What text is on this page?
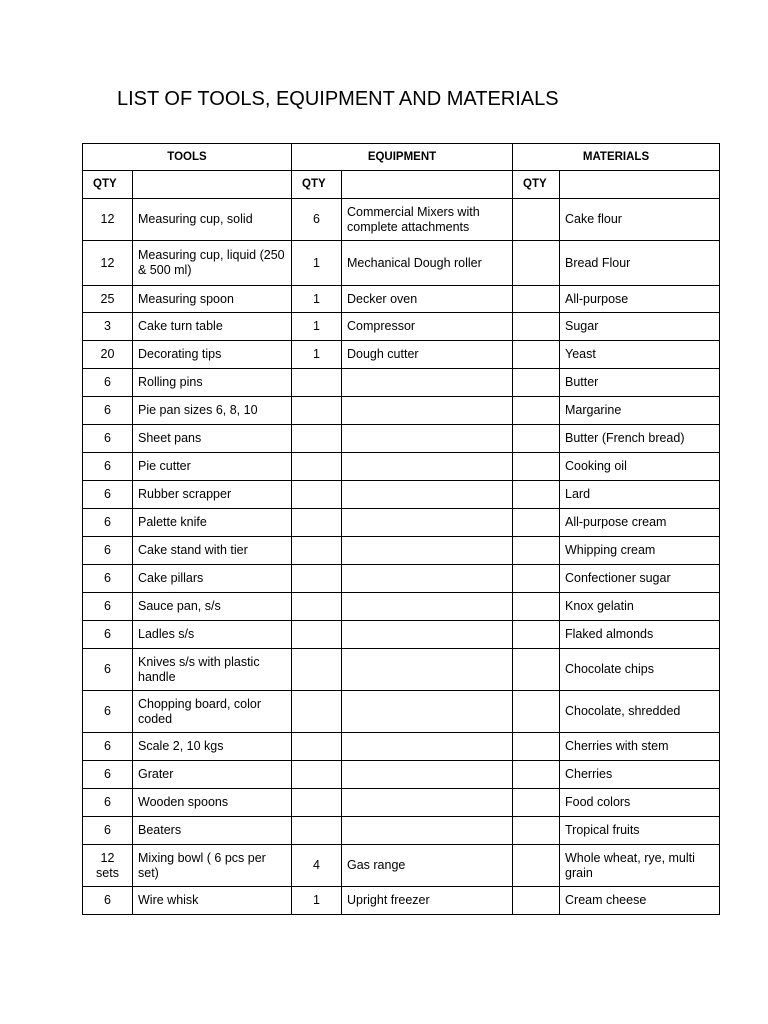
LIST OF TOOLS, EQUIPMENT AND MATERIALS
TOOLS		EQUIPMENT		MATERIALS	
QTY		QTY		QTY	
12	Measuring cup, solid	6	Commercial Mixers with complete attachments		Cake flour
12	Measuring cup, liquid (250 & 500 ml)	1	Mechanical Dough roller		Bread Flour
25	Measuring spoon	1	Decker oven		All-purpose
3	Cake turn table	1	Compressor		Sugar
20	Decorating tips	1	Dough cutter		Yeast
6	Rolling pins				Butter
6	Pie pan sizes 6, 8, 10				Margarine
6	Sheet pans				Butter (French bread)
6	Pie cutter				Cooking oil
6	Rubber scrapper				Lard
6	Palette knife				All-purpose cream
6	Cake stand with tier				Whipping cream
6	Cake pillars				Confectioner sugar
6	Sauce pan, s/s				Knox gelatin
6	Ladles s/s				Flaked almonds
6	Knives s/s with plastic handle				Chocolate chips
6	Chopping board, color coded				Chocolate, shredded
6	Scale 2, 10 kgs				Cherries with stem
6	Grater				Cherries
6	Wooden spoons				Food colors
6	Beaters				Tropical fruits
12 sets	Mixing bowl ( 6 pcs per set)	4	Gas range		Whole wheat, rye, multi grain
6	Wire whisk	1	Upright freezer		Cream cheese
